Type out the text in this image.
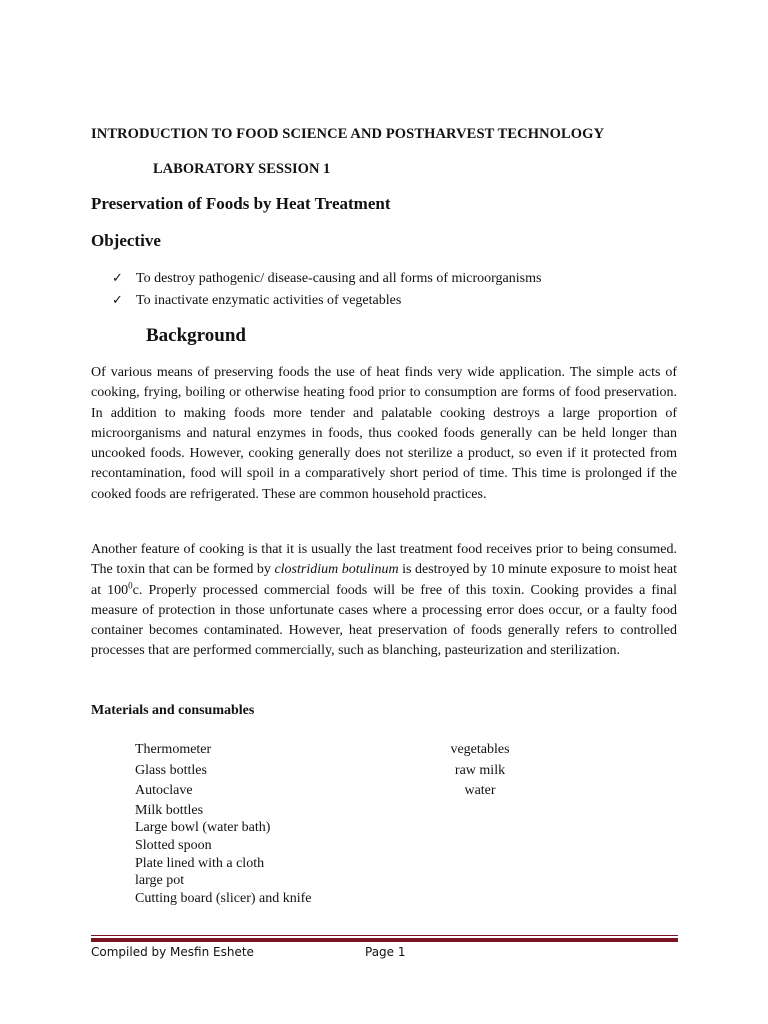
INTRODUCTION TO FOOD SCIENCE AND POSTHARVEST TECHNOLOGY
LABORATORY SESSION 1
Preservation of Foods by Heat Treatment
Objective
✓ To destroy pathogenic/ disease-causing and all forms of microorganisms
✓ To inactivate enzymatic activities of vegetables
Background

Of various means of preserving foods the use of heat finds very wide application. The simple acts of cooking, frying, boiling or otherwise heating food prior to consumption are forms of food preservation. In addition to making foods more tender and palatable cooking destroys a large proportion of microorganisms and natural enzymes in foods, thus cooked foods generally can be held longer than uncooked foods. However, cooking generally does not sterilize a product, so even if it protected from recontamination, food will spoil in a comparatively short period of time. This time is prolonged if the cooked foods are refrigerated. These are common household practices.

Another feature of cooking is that it is usually the last treatment food receives prior to being consumed. The toxin that can be formed by clostridium botulinum is destroyed by 10 minute exposure to moist heat at $100^0c$. Properly processed commercial foods will be free of this toxin. Cooking provides a final measure of protection in those unfortunate cases where a processing error does occur, or a faulty food container becomes contaminated. However, heat preservation of foods generally refers to controlled processes that are performed commercially, such as blanching, pasteurization and sterilization.

Materials and consumables
Thermometer
Glass bottles
Autoclave
Milk bottles
Large bowl (water bath)
Slotted spoon
Plate lined with a cloth
large pot
Cutting board (slicer) and knife
vegetables
raw milk
water
Compiled by Mesfin Eshete	Page 1
